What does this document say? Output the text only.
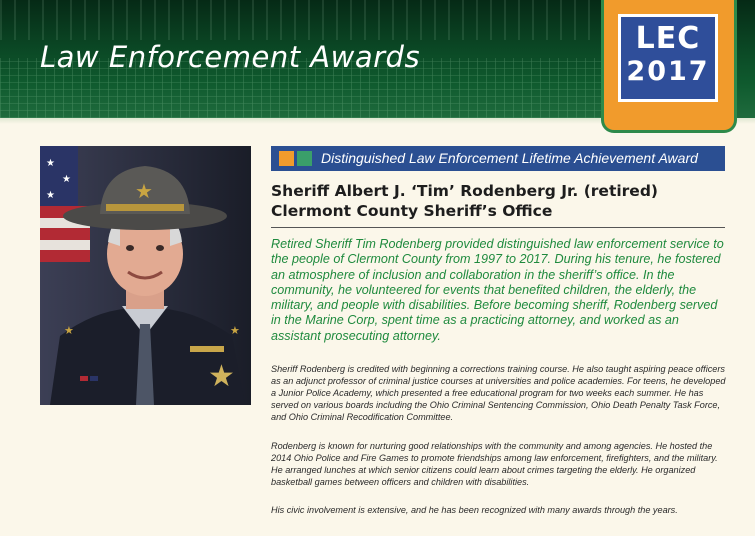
Law Enforcement Awards
LEC
2017
★
★
★	★
★
★	★
Distinguished Law Enforcement Lifetime Achievement Award
Sheriff Albert J. ‘Tim’ Rodenberg Jr. (retired)
Clermont County Sheriff’s Office

Retired Sheriff Tim Rodenberg provided distinguished law enforcement service to the people of Clermont County from 1997 to 2017. During his tenure, he fostered an atmosphere of inclusion and collaboration in the sheriff’s office. In the community, he volunteered for events that benefited children, the elderly, the military, and people with disabilities. Before becoming sheriff, Rodenberg served in the Marine Corp, spent time as a practicing attorney, and worked as an assistant prosecuting attorney.

Sheriff Rodenberg is credited with beginning a corrections training course. He also taught aspiring peace officers as an adjunct professor of criminal justice courses at universities and police academies. For teens, he developed a Junior Police Academy, which presented a free educational program for two weeks each summer. He has served on various boards including the Ohio Criminal Sentencing Commission, Ohio Death Penalty Task Force, and Ohio Criminal Recodification Committee.

Rodenberg is known for nurturing good relationships with the community and among agencies. He hosted the 2014 Ohio Police and Fire Games to promote friendships among law enforcement, firefighters, and the military. He arranged lunches at which senior citizens could learn about crimes targeting the elderly. He organized basketball games between officers and children with disabilities.

His civic involvement is extensive, and he has been recognized with many awards through the years.
